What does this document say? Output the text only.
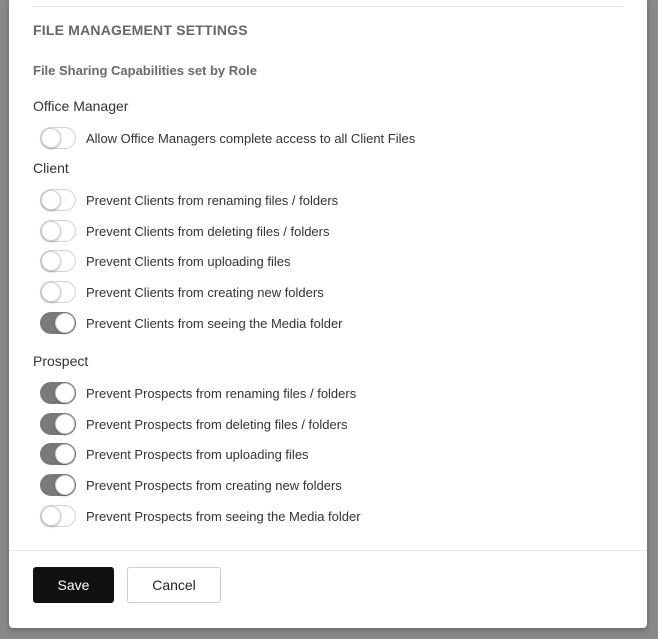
FILE MANAGEMENT SETTINGS
File Sharing Capabilities set by Role
Office Manager
Allow Office Managers complete access to all Client Files
Client
Prevent Clients from renaming files / folders
Prevent Clients from deleting files / folders
Prevent Clients from uploading files
Prevent Clients from creating new folders
Prevent Clients from seeing the Media folder
Prospect
Prevent Prospects from renaming files / folders
Prevent Prospects from deleting files / folders
Prevent Prospects from uploading files
Prevent Prospects from creating new folders
Prevent Prospects from seeing the Media folder
Save	Cancel
